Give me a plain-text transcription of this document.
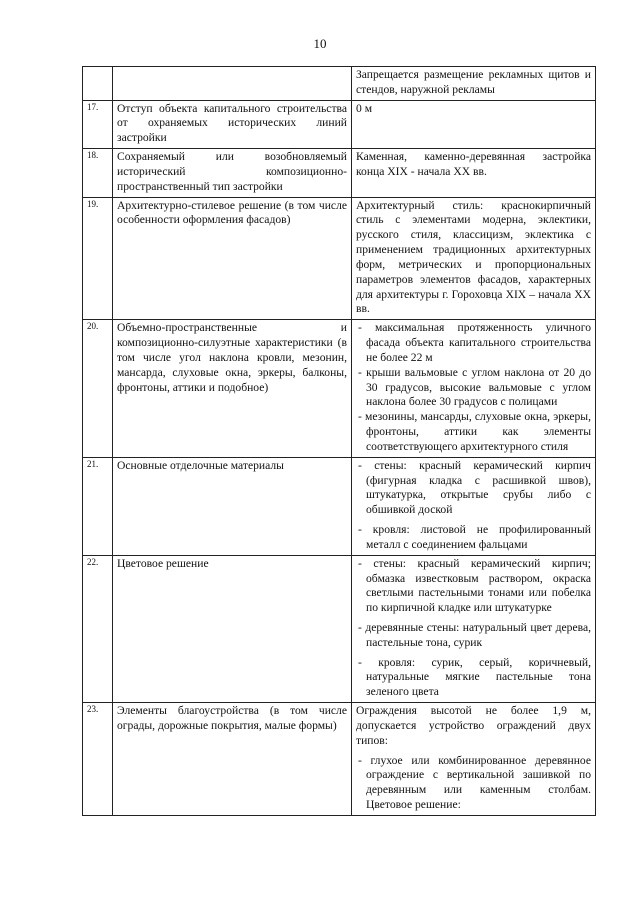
10

		Запрещается размещение рекламных щитов и стендов, наружной рекламы

17.	Отступ объекта капитального строительства от охраняемых исторических линий застройки	0 м

18.	Сохраняемый или возобновляемый исторический композиционно-пространственный тип застройки	Каменная, каменно-деревянная застройка конца XIX - начала XX вв.

19.	Архитектурно-стилевое решение (в том числе особенности оформления фасадов)	Архитектурный стиль: краснокирпичный стиль с элементами модерна, эклектики, русского стиля, классицизм, эклектика с применением традиционных архитектурных форм, метрических и пропорциональных параметров элементов фасадов, характерных для архитектуры г. Гороховца XIX – начала XX вв.

20.	Объемно-пространственные и композиционно-силуэтные характеристики (в том числе угол наклона кровли, мезонин, мансарда, слуховые окна, эркеры, балконы, фронтоны, аттики и подобное)	- максимальная протяженность уличного фасада объекта капитального строительства не более 22 м

- крыши вальмовые с углом наклона от 20 до 30 градусов, высокие вальмовые с углом наклона более 30 градусов с полицами

- мезонины, мансарды, слуховые окна, эркеры, фронтоны, аттики как элементы соответствующего архитектурного стиля

21.	Основные отделочные материалы	- стены: красный керамический кирпич (фигурная кладка с расшивкой швов), штукатурка, открытые срубы либо с обшивкой доской

- кровля: листовой не профилированный металл с соединением фальцами

22.	Цветовое решение	- стены: красный керамический кирпич; обмазка известковым раствором, окраска светлыми пастельными тонами или побелка по кирпичной кладке или штукатурке

- деревянные стены: натуральный цвет дерева, пастельные тона, сурик

- кровля: сурик, серый, коричневый, натуральные мягкие пастельные тона зеленого цвета

23.	Элементы благоустройства (в том числе ограды, дорожные покрытия, малые формы)	Ограждения высотой не более 1,9 м, допускается устройство ограждений двух типов:

- глухое или комбинированное деревянное ограждение с вертикальной зашивкой по деревянным или каменным столбам. Цветовое решение:
